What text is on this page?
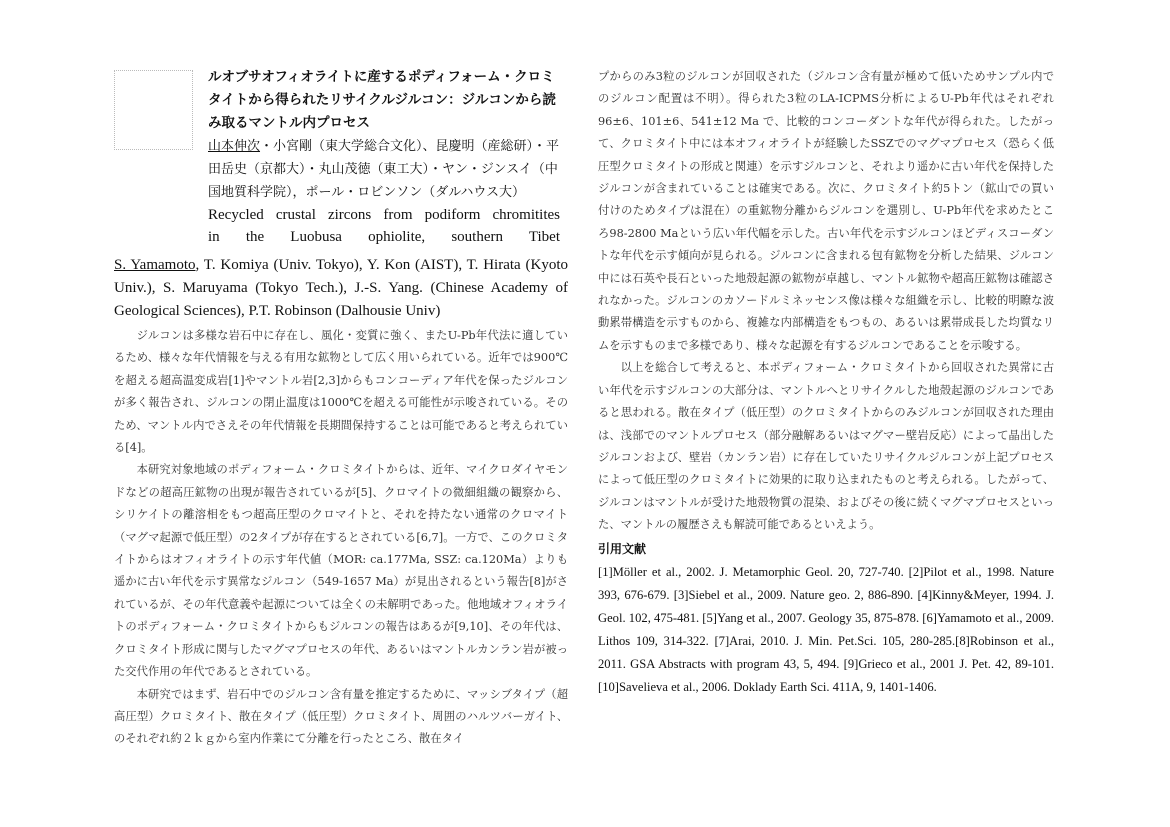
ルオブサオフィオライトに産するポディフォーム・クロミタイトから得られたリサイクルジルコン：ジルコンから読み取るマントル内プロセス

山本伸次・小宮剛（東大学総合文化）、昆慶明（産総研）・平田岳史（京都大）・丸山茂徳（東工大）・ヤン・ジンスイ（中国地質科学院），ポール・ロビンソン（ダルハウス大）

Recycled crustal zircons from podiform chromitites

in the Luobusa ophiolite, southern Tibet

S. Yamamoto, T. Komiya (Univ. Tokyo), Y. Kon (AIST), T. Hirata (Kyoto Univ.), S. Maruyama (Tokyo Tech.), J.-S. Yang. (Chinese Academy of Geological Sciences), P.T. Robinson (Dalhousie Univ)

ジルコンは多様な岩石中に存在し、風化・変質に強く、またU-Pb年代法に適しているため、様々な年代情報を与える有用な鉱物として広く用いられている。近年では900℃を超える超高温変成岩[1]やマントル岩[2,3]からもコンコーディア年代を保ったジルコンが多く報告され、ジルコンの閉止温度は1000℃を超える可能性が示唆されている。そのため、マントル内でさえその年代情報を長期間保持することは可能であると考えられている[4]。

本研究対象地域のポディフォーム・クロミタイトからは、近年、マイクロダイヤモンドなどの超高圧鉱物の出現が報告されているが[5]、クロマイトの微細組織の観察から、シリケイトの離溶相をもつ超高圧型のクロマイトと、それを持たない通常のクロマイト（マグマ起源で低圧型）の2タイプが存在するとされている[6,7]。一方で、このクロミタイトからはオフィオライトの示す年代値（MOR: ca.177Ma, SSZ: ca.120Ma）よりも遥かに古い年代を示す異常なジルコン（549-1657 Ma）が見出されるという報告[8]がされているが、その年代意義や起源については全くの未解明であった。他地域オフィオライトのポディフォーム・クロミタイトからもジルコンの報告はあるが[9,10]、その年代は、クロミタイト形成に関与したマグマプロセスの年代、あるいはマントルカンラン岩が被った交代作用の年代であるとされている。

本研究ではまず、岩石中でのジルコン含有量を推定するために、マッシブタイプ（超高圧型）クロミタイト、散在タイプ（低圧型）クロミタイト、周囲のハルツバーガイト、のそれぞれ約２ｋｇから室内作業にて分離を行ったところ、散在タイ

プからのみ3粒のジルコンが回収された（ジルコン含有量が極めて低いためサンプル内でのジルコン配置は不明）。得られた3粒のLA-ICPMS分析によるU-Pb年代はそれぞれ96±6、101±6、541±12 Ma で、比較的コンコーダントな年代が得られた。したがって、クロミタイト中には本オフィオライトが経験したSSZでのマグマプロセス（恐らく低圧型クロミタイトの形成と関連）を示すジルコンと、それより遥かに古い年代を保持したジルコンが含まれていることは確実である。次に、クロミタイト約5トン（鉱山での買い付けのためタイプは混在）の重鉱物分離からジルコンを選別し、U-Pb年代を求めたところ98-2800 Maという広い年代幅を示した。古い年代を示すジルコンほどディスコーダントな年代を示す傾向が見られる。ジルコンに含まれる包有鉱物を分析した結果、ジルコン中には石英や長石といった地殻起源の鉱物が卓越し、マントル鉱物や超高圧鉱物は確認されなかった。ジルコンのカソードルミネッセンス像は様々な組織を示し、比較的明瞭な波動累帯構造を示すものから、複雑な内部構造をもつもの、あるいは累帯成長した均質なリムを示すものまで多様であり、様々な起源を有するジルコンであることを示唆する。

以上を総合して考えると、本ポディフォーム・クロミタイトから回収された異常に古い年代を示すジルコンの大部分は、マントルへとリサイクルした地殻起源のジルコンであると思われる。散在タイプ（低圧型）のクロミタイトからのみジルコンが回収された理由は、浅部でのマントルプロセス（部分融解あるいはマグマー壁岩反応）によって晶出したジルコンおよび、壁岩（カンラン岩）に存在していたリサイクルジルコンが上記プロセスによって低圧型のクロミタイトに効果的に取り込まれたものと考えられる。したがって、ジルコンはマントルが受けた地殻物質の混染、およびその後に続くマグマプロセスといった、マントルの履歴さえも解読可能であるといえよう。

引用文献

[1]Möller et al., 2002. J. Metamorphic Geol. 20, 727-740. [2]Pilot et al., 1998. Nature 393, 676-679. [3]Siebel et al., 2009. Nature geo. 2, 886-890. [4]Kinny&Meyer, 1994. J. Geol. 102, 475-481. [5]Yang et al., 2007. Geology 35, 875-878. [6]Yamamoto et al., 2009. Lithos 109, 314-322. [7]Arai, 2010. J. Min. Pet.Sci. 105, 280-285.[8]Robinson et al., 2011. GSA Abstracts with program 43, 5, 494. [9]Grieco et al., 2001 J. Pet. 42, 89-101. [10]Savelieva et al., 2006. Doklady Earth Sci. 411A, 9, 1401-1406.
